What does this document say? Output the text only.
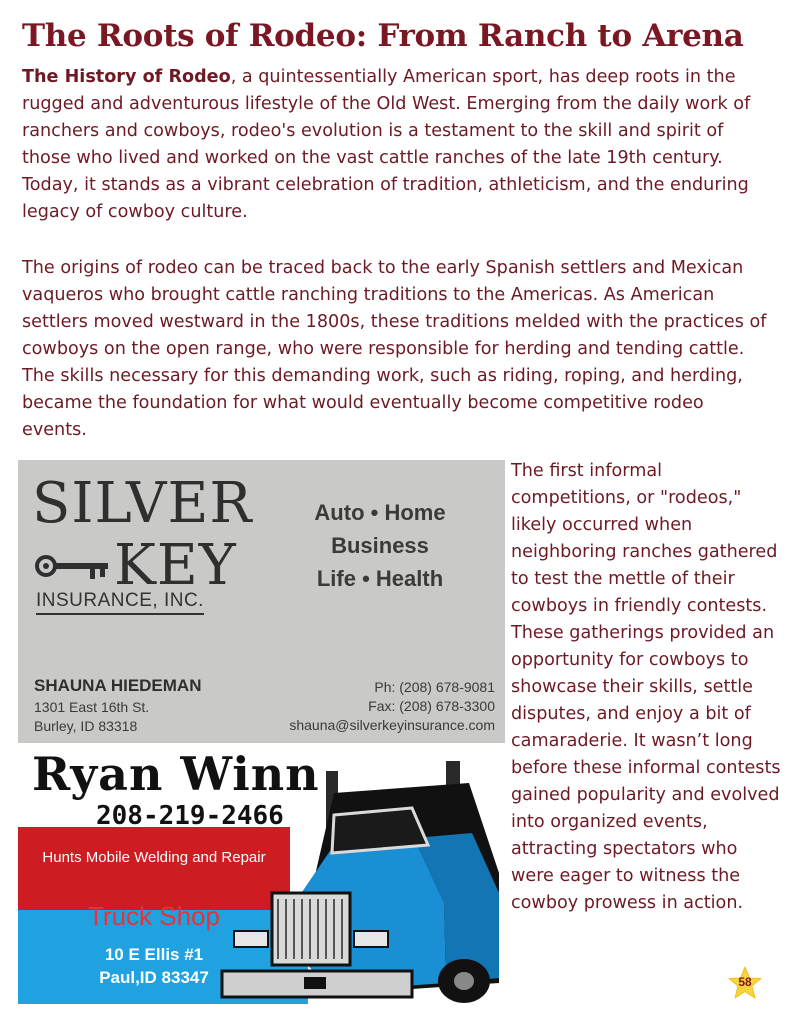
The Roots of Rodeo: From Ranch to Arena

The History of Rodeo, a quintessentially American sport, has deep roots in the rugged and adventurous lifestyle of the Old West. Emerging from the daily work of ranchers and cowboys, rodeo's evolution is a testament to the skill and spirit of those who lived and worked on the vast cattle ranches of the late 19th century. Today, it stands as a vibrant celebration of tradition, athleticism, and the enduring legacy of cowboy culture.

The origins of rodeo can be traced back to the early Spanish settlers and Mexican vaqueros who brought cattle ranching traditions to the Americas. As American settlers moved westward in the 1800s, these traditions melded with the practices of cowboys on the open range, who were responsible for herding and tending cattle. The skills necessary for this demanding work, such as riding, roping, and herding, became the foundation for what would eventually become competitive rodeo events.

SILVER
KEY
INSURANCE, INC.
Auto • Home
Business
Life • Health
SHAUNA HIEDEMAN
1301 East 16th St.
Burley, ID 83318
Ph: (208) 678-9081
Fax: (208) 678-3300
shauna@silverkeyinsurance.com
Ryan Winn
208-219-2466
Hunts Mobile Welding and Repair
Truck Shop
10 E Ellis #1
Paul,ID 83347

The first informal competitions, or "rodeos," likely occurred when neighboring ranches gathered to test the mettle of their cowboys in friendly contests. These gatherings provided an opportunity for cowboys to showcase their skills, settle disputes, and enjoy a bit of camaraderie. It wasn’t long before these informal contests gained popularity and evolved into organized events, attracting spectators who were eager to witness the cowboy prowess in action.

58
